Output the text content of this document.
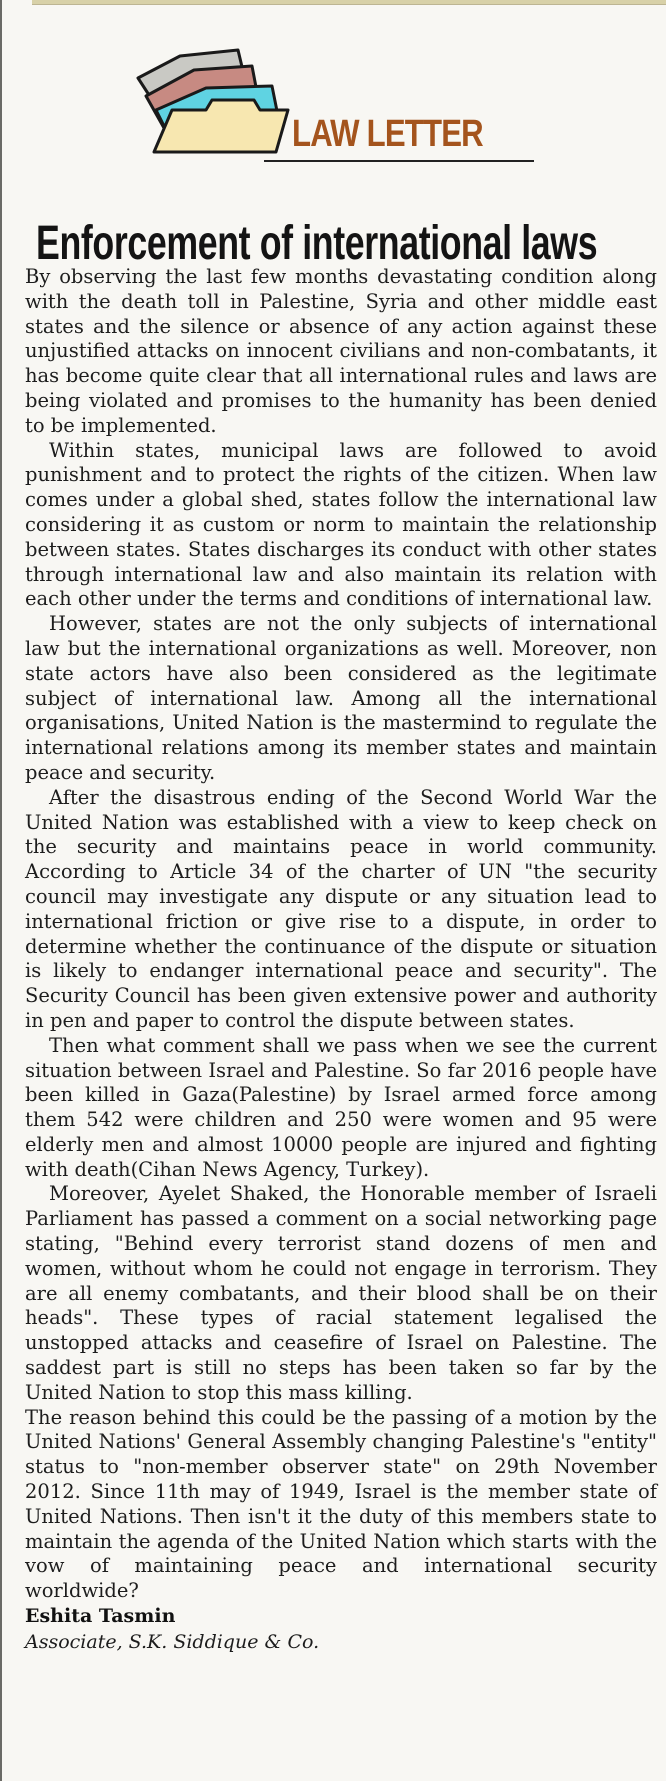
LAW LETTER
Enforcement of international laws

By observing the last few months devastating condition along with the death toll in Palestine, Syria and other middle east states and the silence or absence of any action against these unjustified attacks on innocent civilians and non-combatants, it has become quite clear that all international rules and laws are being violated and promises to the humanity has been denied to be implemented.

Within states, municipal laws are followed to avoid punishment and to protect the rights of the citizen. When law comes under a global shed, states follow the international law considering it as custom or norm to maintain the relationship between states. States discharges its conduct with other states through international law and also maintain its relation with each other under the terms and conditions of international law.

However, states are not the only subjects of international law but the international organizations as well. Moreover, non state actors have also been considered as the legitimate subject of international law. Among all the international organisations, United Nation is the mastermind to regulate the international relations among its member states and maintain peace and security.

After the disastrous ending of the Second World War the United Nation was established with a view to keep check on the security and maintains peace in world community. According to Article 34 of the charter of UN "the security council may investigate any dispute or any situation lead to international friction or give rise to a dispute, in order to determine whether the continuance of the dispute or situation is likely to endanger international peace and security". The Security Council has been given extensive power and authority in pen and paper to control the dispute between states.

Then what comment shall we pass when we see the current situation between Israel and Palestine. So far 2016 people have been killed in Gaza(Palestine) by Israel armed force among them 542 were children and 250 were women and 95 were elderly men and almost 10000 people are injured and fighting with death(Cihan News Agency, Turkey).

Moreover, Ayelet Shaked, the Honorable member of Israeli Parliament has passed a comment on a social networking page stating, "Behind every terrorist stand dozens of men and women, without whom he could not engage in terrorism. They are all enemy combatants, and their blood shall be on their heads". These types of racial statement legalised the unstopped attacks and ceasefire of Israel on Palestine. The saddest part is still no steps has been taken so far by the United Nation to stop this mass killing.

The reason behind this could be the passing of a motion by the United Nations' General Assembly changing Palestine's "entity" status to "non-member observer state" on 29th November 2012. Since 11th may of 1949, Israel is the member state of United Nations. Then isn't it the duty of this members state to maintain the agenda of the United Nation which starts with the vow of maintaining peace and international security worldwide?

Eshita Tasmin

Associate, S.K. Siddique & Co.
